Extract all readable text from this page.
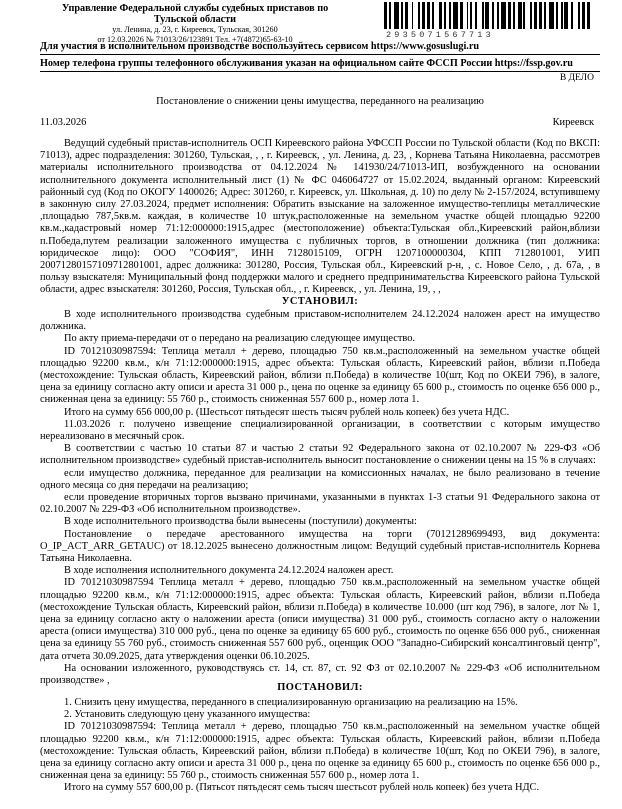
Управление Федеральной службы судебных приставов по Тульской области
ул. Ленина, д. 23, г. Киреевск, Тульская, 301260
от 12.03.2026 № 71013/26/123891 Тел. +7(4872)65-63-10	2935071567713
Для участия в исполнительном производстве воспользуйтесь сервисом https://www.gosuslugi.ru
Номер телефона группы телефонного обслуживания указан на официальном сайте ФССП России https://fssp.gov.ru
В ДЕЛО
Постановление о снижении цены имущества, переданного на реализацию
11.03.2026	Киреевск
Ведущий судебный пристав-исполнитель ОСП Киреевского района УФССП России по Тульской области (Код по ВКСП: 71013), адрес подразделения: 301260, Тульская, , , г. Киреевск, , ул. Ленина, д. 23, , Корнева Татьяна Николаевна, рассмотрев материалы исполнительного производства от 04.12.2024 № 141930/24/71013-ИП, возбужденного на основании исполнительного документа исполнительный лист (1) № ФС 046064727 от 15.02.2024, выданный органом: Киреевский районный суд (Код по ОКОГУ 1400026; Адрес: 301260, г. Киреевск, ул. Школьная, д. 10) по делу № 2-157/2024, вступившему в законную силу 27.03.2024, предмет исполнения: Обратить взыскание на заложенное имущество-теплицы металлические ,площадью 787,5кв.м. каждая, в количестве 10 штук,расположенные на земельном участке общей площадью 92200 кв.м.,кадастровый номер 71:12:000000:1915,адрес (местоположение) объекта:Тульская обл.,Киреевский район,вблизи п.Победа,путем реализации заложенного имущества с публичных торгов, в отношении должника (тип должника: юридическое лицо): ООО "СОФИЯ", ИНН 7128015109, ОГРН 1207100000304, КПП 712801001, УИП 20071280157109712801001, адрес должника: 301280, Россия, Тульская обл., Киреевский р-н, , с. Новое Село, , д. 67а, , в пользу взыскателя: Муниципальный фонд поддержки малого и среднего предпринимательства Киреевского района Тульской области, адрес взыскателя: 301260, Россия, Тульская обл., , г. Киреевск, , ул. Ленина, 19, , ,
УСТАНОВИЛ:

В ходе исполнительного производства судебным приставом-исполнителем 24.12.2024 наложен арест на имущество должника.

По акту приема-передачи от о передано на реализацию следующее имущество.

ID 70121030987594: Теплица металл + дерево, площадью 750 кв.м.,расположенный на земельном участке общей площадью 92200 кв.м., к/н 71:12:000000:1915, адрес объекта: Тульская область, Киреевский район, вблизи п.Победа (местохождение: Тульская область, Киреевский район, вблизи п.Победа) в количестве 10(шт, Код по ОКЕИ 796), в залоге, цена за единицу согласно акту описи и ареста 31 000 р., цена по оценке за единицу 65 600 р., стоимость по оценке 656 000 р., сниженная цена за единицу: 55 760 р., стоимость сниженная 557 600 р., номер лота 1.

Итого на сумму 656 000,00 р. (Шестьсот пятьдесят шесть тысяч рублей ноль копеек) без учета НДС.

11.03.2026 г. получено извещение специализированной организации, в соответствии с которым имущество нереализовано в месячный срок.

В соответствии с частью 10 статьи 87 и частью 2 статьи 92 Федерального закона от 02.10.2007 № 229-ФЗ «Об исполнительном производстве» судебный пристав-исполнитель выносит постановление о снижении цены на 15 % в случаях:

если имущество должника, переданное для реализации на комиссионных началах, не было реализовано в течение одного месяца со дня передачи на реализацию;

если проведение вторичных торгов вызвано причинами, указанными в пунктах 1-3 статьи 91 Федерального закона от 02.10.2007 № 229-ФЗ «Об исполнительном производстве».

В ходе исполнительного производства были вынесены (поступили) документы:

Постановление о передаче арестованного имущества на торги (70121289699493, вид документа: O_IP_ACT_ARR_GETAUC) от 18.12.2025 вынесено должностным лицом: Ведущий судебный пристав-исполнитель Корнева Татьяна Николаевна.

В ходе исполнения исполнительного документа 24.12.2024 наложен арест.

ID 70121030987594 Теплица металл + дерево, площадью 750 кв.м.,расположенный на земельном участке общей площадью 92200 кв.м., к/н 71:12:000000:1915, адрес объекта: Тульская область, Киреевский район, вблизи п.Победа (местохождение Тульская область, Киреевский район, вблизи п.Победа) в количестве 10.000 (шт код 796), в залоге, лот № 1, цена за единицу согласно акту о наложении ареста (описи имущества) 31 000 руб., стоимость согласно акту о наложении ареста (описи имущества) 310 000 руб., цена по оценке за единицу 65 600 руб., стоимость по оценке 656 000 руб., сниженная цена за единицу 55 760 руб., стоимость сниженная 557 600 руб., оценщик ООО "Западно-Сибирский консалтинговый центр", дата отчета 30.09.2025, дата утверждения оценки 06.10.2025.

На основании изложенного, руководствуясь ст. 14, ст. 87, ст. 92 ФЗ от 02.10.2007 № 229-ФЗ «Об исполнительном производстве» ,

ПОСТАНОВИЛ:

1. Снизить цену имущества, переданного в специализированную организацию на реализацию на 15%.

2. Установить следующую цену указанного имущества:

ID 70121030987594: Теплица металл + дерево, площадью 750 кв.м.,расположенный на земельном участке общей площадью 92200 кв.м., к/н 71:12:000000:1915, адрес объекта: Тульская область, Киреевский район, вблизи п.Победа (местохождение: Тульская область, Киреевский район, вблизи п.Победа) в количестве 10(шт, Код по ОКЕИ 796), в залоге, цена за единицу согласно акту описи и ареста 31 000 р., цена по оценке за единицу 65 600 р., стоимость по оценке 656 000 р., сниженная цена за единицу: 55 760 р., стоимость сниженная 557 600 р., номер лота 1.

Итого на сумму 557 600,00 р. (Пятьсот пятьдесят семь тысяч шестьсот рублей ноль копеек) без учета НДС.
